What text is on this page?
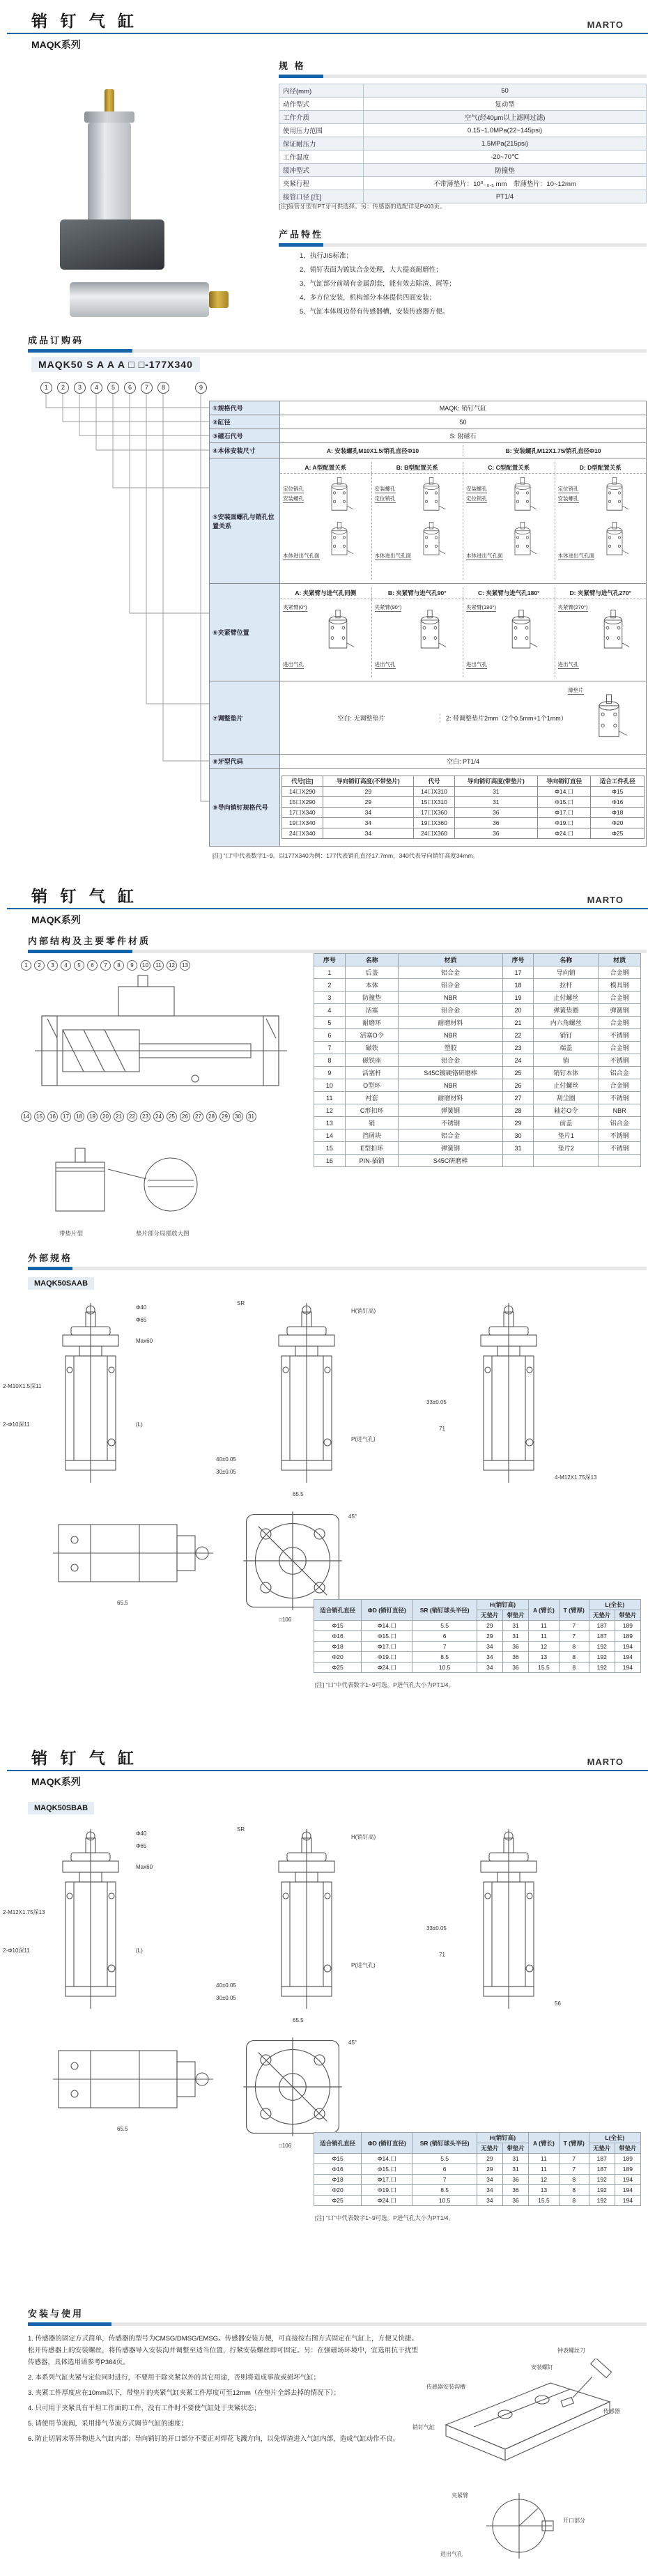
销 钉 气 缸	MARTO
MAQK系列
规 格
内径(mm)	50
动作型式	复动型
工作介质	空气(经40μm以上滤网过滤)
使用压力范围	0.15~1.0MPa(22~145psi)
保证耐压力	1.5MPa(215psi)
工作温度	-20~70℃
缓冲型式	防撞垫
夹紧行程	不带薄垫片：10⁰₋₀.₅ mm　带薄垫片：10~12mm
接管口径 [注]	PT1/4
[注]接管牙型有PT牙可供选择。另：传感器的选配详见P403页。
产品特性
1、执行JIS标准；
2、销钉表面为镀钛合金处理，大大提高耐磨性；
3、气缸部分前端有金属刮套，能有效去除渣、屑等；
4、多方位安装，机构部分本体提供四面安装；
5、气缸本体周边带有传感器槽，安装传感器方便。
成品订购码
MAQK50 S A A A □ □-177X340
1 2 3 4 5 6 7 8	9
①规格代号	MAQK: 销钉气缸
②缸径	50
③磁石代号	S: 附磁石
④本体安装尺寸	A: 安装螺孔M10X1.5/销孔直径Φ10	B: 安装螺孔M12X1.75/销孔直径Φ10

⑤安装面螺孔与销孔位置关系	
A: A型配置关系	B: B型配置关系	C: C型配置关系	D: D型配置关系

定位销孔
安装螺孔
本体进出气孔面

安装螺孔
定位销孔
本体进出气孔面

安装螺孔
定位销孔
本体进出气孔面

定位销孔
安装螺孔
本体进出气孔面

⑥夹紧臂位置	
A: 夹紧臂与进气孔同侧	B: 夹紧臂与进气孔90°	C: 夹紧臂与进气孔180°	D: 夹紧臂与进气孔270°
夹紧臂(0°)
进出气孔
夹紧臂(90°)
进出气孔
夹紧臂(180°)
进出气孔
夹紧臂(270°)
进出气孔

⑦调整垫片	空白: 无调整垫片	2: 带调整垫片2mm（2个0.5mm+1个1mm）
薄垫片

⑧牙型代码	空白: PT1/4
⑨导向销钉规格代号	
代号[注]	导向销钉高度(不带垫片)	代号	导向销钉高度(带垫片)	导向销钉直径	适合工件孔径
14口X290	29	14口X310	31	Φ14.口	Φ15
15口X290	29	15口X310	31	Φ15.口	Φ16
17口X340	34	17口X360	36	Φ17.口	Φ18
19口X340	34	19口X360	36	Φ19.口	Φ20
24口X340	34	24口X360	36	Φ24.口	Φ25
[注] “口”中代表数字1~9。以177X340为例：177代表销孔直径17.7mm，340代表导向销钉高度34mm。
销 钉 气 缸	MARTO
MAQK系列
内部结构及主要零件材质
1	2	3	4	5	6	7	8	9	10	11	12	13
14	15	16	17	18	19	20	21	22	23	24	25	26	27	28	29	30	31
带垫片型	垫片部分局部放大图
序号	名称	材质	序号	名称	材质
1	后盖	铝合金	17	导向销	合金钢
2	本体	铝合金	18	拉杆	模具钢
3	防撞垫	NBR	19	止付螺丝	合金钢
4	活塞	铝合金	20	弹簧垫圈	弹簧钢
5	耐磨环	耐磨材料	21	内六角螺丝	合金钢
6	活塞O令	NBR	22	销钉	不锈钢
7	磁铁	塑胶	23	端盖	合金钢
8	磁铁座	铝合金	24	销	不锈钢
9	活塞杆	S45C镀硬铬研磨棒	25	销钉本体	铝合金
10	O型环	NBR	26	止付螺丝	合金钢
11	衬套	耐磨材料	27	刮尘圈	不锈钢
12	C形扣环	弹簧钢	28	轴芯O令	NBR
13	销	不锈钢	29	前盖	铝合金
14	挡屑块	铝合金	30	垫片1	不锈钢
15	E型扣环	弹簧钢	31	垫片2	不锈钢
16	PIN-插销	S45C研磨棒			
外部规格
MAQK50SAAB
Φ40
Φ65
Max60
(L)
2-M10X1.5深11
2-Φ10深11
SR
H(销钉高)
40±0.05
30±0.05
P(进气孔)
65.5
33±0.05
71
4-M12X1.75深13
45°
□106
65.5
适合销孔直径	ΦD (销钉直径)	SR (销钉球头半径)	H(销钉高)		A (臂长)	T (臂厚)	L(全长)	
			无垫片	带垫片			无垫片	带垫片
Φ15	Φ14.口	5.5	29	31	11	7	187	189
Φ16	Φ15.口	6	29	31	11	7	187	189
Φ18	Φ17.口	7	34	36	12	8	192	194
Φ20	Φ19.口	8.5	34	36	13	8	192	194
Φ25	Φ24.口	10.5	34	36	15.5	8	192	194
[注] “口”中代表数字1~9可选。P进气孔大小为PT1/4。
销 钉 气 缸	MARTO
MAQK系列
MAQK50SBAB
Φ40
Φ65
Max60
(L)
2-M12X1.75深13
2-Φ10深11
SR
H(销钉高)
40±0.05
30±0.05
P(进气孔)
65.5
33±0.05
71
56
45°
□106
65.5
适合销孔直径	ΦD (销钉直径)	SR (销钉球头半径)	H(销钉高)		A (臂长)	T (臂厚)	L(全长)	
			无垫片	带垫片			无垫片	带垫片
Φ15	Φ14.口	5.5	29	31	11	7	187	189
Φ16	Φ15.口	6	29	31	11	7	187	189
Φ18	Φ17.口	7	34	36	12	8	192	194
Φ20	Φ19.口	8.5	34	36	13	8	192	194
Φ25	Φ24.口	10.5	34	36	15.5	8	192	194
[注] “口”中代表数字1~9可选。P进气孔大小为PT1/4。
安装与使用
1. 传感器的固定方式简单，传感器的型号为CMSG/DMSG/EMSG。传感器安装方便，可直接按右图方式固定在气缸上，方便又快捷。松开传感器上的安装螺丝，将传感器导入安装沟并调整至适当位置，拧紧安装螺丝即可固定。另：在强磁场环境中，宜选用抗干扰型传感器，具体选用请参考P364页。
2. 本系列气缸夹紧与定位同时进行，不要用于除夹紧以外的其它用途，否则将造成事故或损坏气缸；
3. 夹紧工件厚度应在10mm以下，带垫片的夹紧气缸夹紧工件厚度可至12mm（在垫片全部去掉的情况下）；
4. 只可用于夹紧具有平坦工作面的工件，没有工件时不要使气缸处于夹紧状态；
5. 请使用节流阀，采用排气节流方式调节气缸的速度；
6. 防止切屑末等异物进入气缸内部；导向销钉的开口部分不要正对焊花飞溅方向，以免焊渣进入气缸内部，造成气缸动作不良。
钟表螺丝刀
安装螺钉
传感器安装沟槽
销钉气缸
传感器
夹紧臂
开口部分
进出气孔
